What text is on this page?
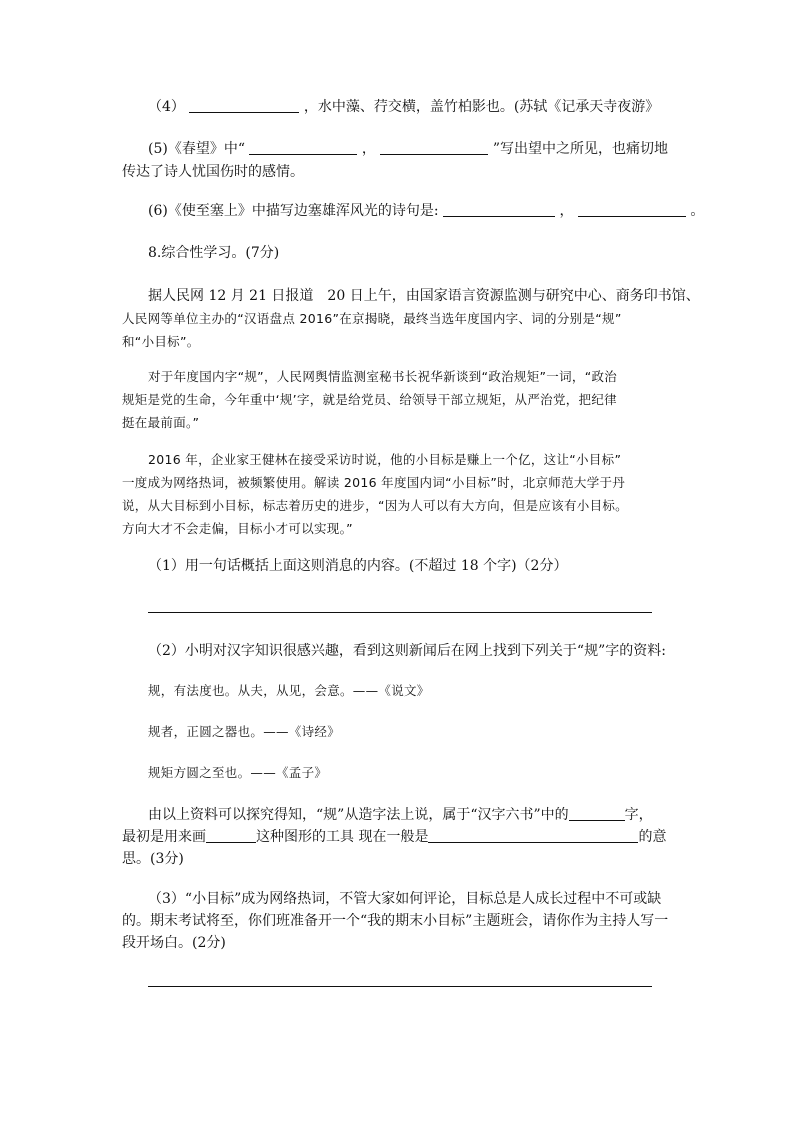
（4）	，水中藻、荇交横，盖竹柏影也。(苏轼《记承天寺夜游》
(5)《春望》中“	，	”写出望中之所见，也痛切地
传达了诗人忧国伤时的感情。
(6)《使至塞上》中描写边塞雄浑风光的诗句是:	，	。
8.综合性学习。(7分)
据人民网 12 月 21 日报道　20 日上午，由国家语言资源监测与研究中心、商务印书馆、
人民网等单位主办的“汉语盘点 2016”在京揭晓，最终当选年度国内字、词的分别是“规”
和“小目标”。
对于年度国内字“规”，人民网舆情监测室秘书长祝华新谈到“政治规矩”一词，“政治
规矩是党的生命，今年重中‘规’字，就是给党员、给领导干部立规矩，从严治党，把纪律
挺在最前面。”
2016 年，企业家王健林在接受采访时说，他的小目标是赚上一个亿，这让“小目标”
一度成为网络热词，被频繁使用。解读 2016 年度国内词“小目标”时，北京师范大学于丹
说，从大目标到小目标，标志着历史的进步，“因为人可以有大方向，但是应该有小目标。
方向大才不会走偏，目标小才可以实现。”
（1）用一句话概括上面这则消息的内容。(不超过 18 个字)（2分）
（2）小明对汉字知识很感兴趣，看到这则新闻后在网上找到下列关于“规”字的资料:
规，有法度也。从夫，从见，会意。——《说文》
规者，正圆之器也。——《诗经》
规矩方圆之至也。——《孟子》
由以上资料可以探究得知，“规”从造字法上说，属于“汉字六书”中的	字，
最初是用来画	这种图形的工具 现在一般是	的意
思。(3分)
（3）“小目标”成为网络热词，不管大家如何评论，目标总是人成长过程中不可或缺
的。期末考试将至，你们班准备开一个“我的期末小目标”主题班会，请你作为主持人写一
段开场白。(2分)
